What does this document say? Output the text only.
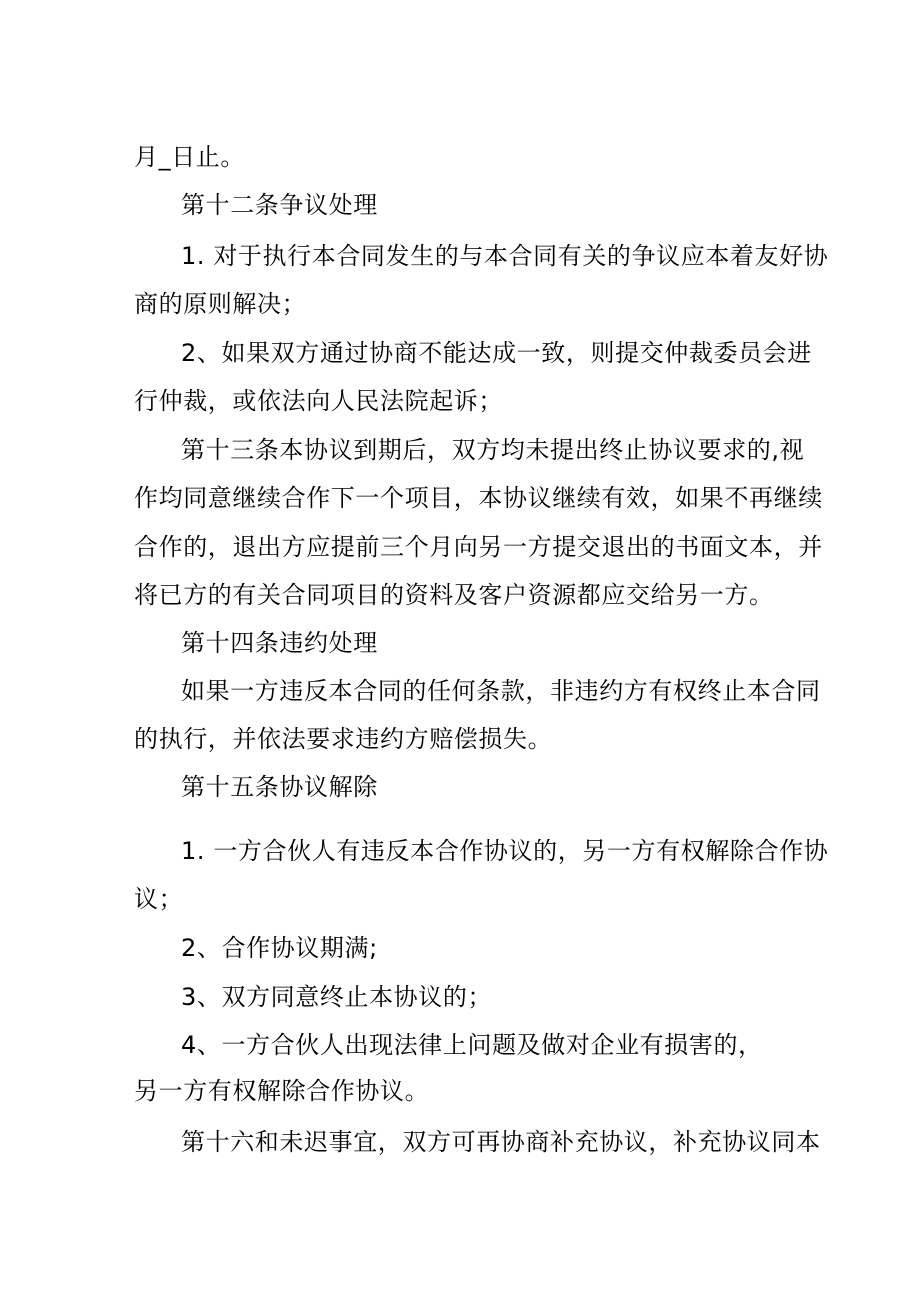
月_日止。
第十二条争议处理
1. 对于执行本合同发生的与本合同有关的争议应本着友好协
商的原则解决；
2、如果双方通过协商不能达成一致，则提交仲裁委员会进
行仲裁，或依法向人民法院起诉；
第十三条本协议到期后，双方均未提出终止协议要求的,视
作均同意继续合作下一个项目，本协议继续有效，如果不再继续
合作的，退出方应提前三个月向另一方提交退出的书面文本，并
将已方的有关合同项目的资料及客户资源都应交给另一方。
第十四条违约处理
如果一方违反本合同的任何条款，非违约方有权终止本合同
的执行，并依法要求违约方赔偿损失。
第十五条协议解除
1. 一方合伙人有违反本合作协议的，另一方有权解除合作协
议；
2、合作协议期满;
3、双方同意终止本协议的；
4、一方合伙人出现法律上问题及做对企业有损害的，
另一方有权解除合作协议。
第十六和未迟事宜，双方可再协商补充协议，补充协议同本
